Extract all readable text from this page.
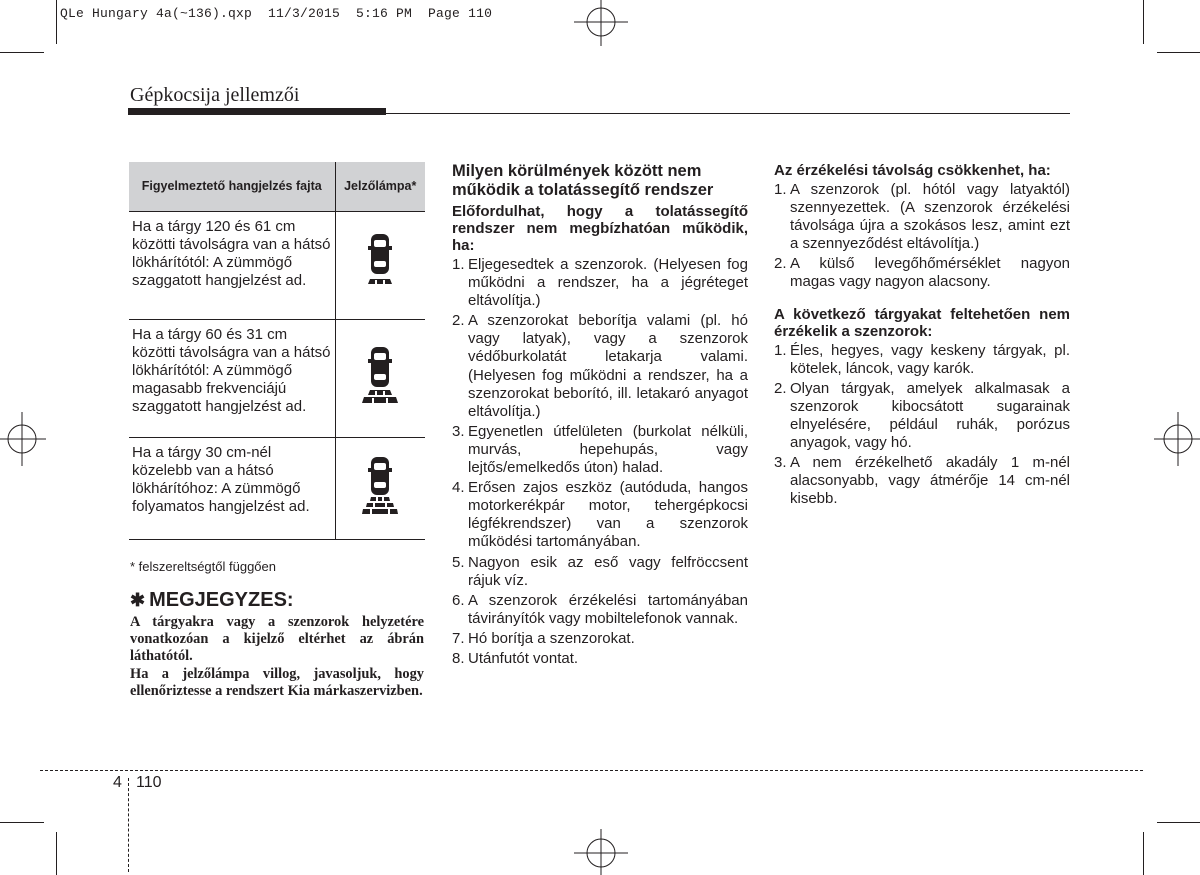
QLe Hungary 4a(~136).qxp  11/3/2015  5:16 PM  Page 110
Gépkocsija jellemzői
Figyelmeztető hangjelzés fajta	Jelzőlámpa*
Ha a tárgy 120 és 61 cm közötti távolságra van a hátsó lökhárítótól: A zümmögő szaggatott hangjelzést ad.	
Ha a tárgy 60 és 31 cm közötti távolságra van a hátsó lökhárítótól: A zümmögő magasabb frekvenciájú szaggatott hangjelzést ad.	
Ha a tárgy 30 cm-nél közelebb van a hátsó lökhárítóhoz: A zümmögő folyamatos hangjelzést ad.	
* felszereltségtől függően
✱ MEGJEGYZES:

A tárgyakra vagy a szenzorok helyzetére vonatkozóan a kijelző eltérhet az ábrán láthatótól.

Ha a jelzőlámpa villog, javasoljuk, hogy ellenőriztesse a rendszert Kia márkaszervizben.

Milyen körülmények között nem működik a tolatássegítő rendszer
Előfordulhat, hogy a tolatássegítő rendszer nem megbízhatóan működik, ha:
1. Eljegesedtek a szenzorok. (Helyesen fog működni a rendszer, ha a jégréteget eltávolítja.)
2. A szenzorokat beborítja valami (pl. hó vagy latyak), vagy a szenzorok védőburkolatát letakarja valami. (Helyesen fog működni a rendszer, ha a szenzorokat beborító, ill. letakaró anyagot eltávolítja.)
3. Egyenetlen útfelületen (burkolat nélküli, murvás, hepehupás, vagy lejtős/emelkedős úton) halad.
4. Erősen zajos eszköz (autóduda, hangos motorkerékpár motor, tehergépkocsi légfékrendszer) van a szenzorok működési tartományában.
5. Nagyon esik az eső vagy felfröccsent rájuk víz.
6. A szenzorok érzékelési tartományában távirányítók vagy mobiltelefonok vannak.
7. Hó borítja a szenzorokat.
8. Utánfutót vontat.
Az érzékelési távolság csökkenhet, ha:
1. A szenzorok (pl. hótól vagy latyaktól) szennyezettek. (A szenzorok érzékelési távolsága újra a szokásos lesz, amint ezt a szennyeződést eltávolítja.)
2. A külső levegőhőmérséklet nagyon magas vagy nagyon alacsony.
A következő tárgyakat feltehetően nem érzékelik a szenzorok:
1. Éles, hegyes, vagy keskeny tárgyak, pl. kötelek, láncok, vagy karók.
2. Olyan tárgyak, amelyek alkalmasak a szenzorok kibocsátott sugarainak elnyelésére, például ruhák, porózus anyagok, vagy hó.
3. A nem érzékelhető akadály 1 m-nél alacsonyabb, vagy átmérője 14 cm-nél kisebb.
4 110
